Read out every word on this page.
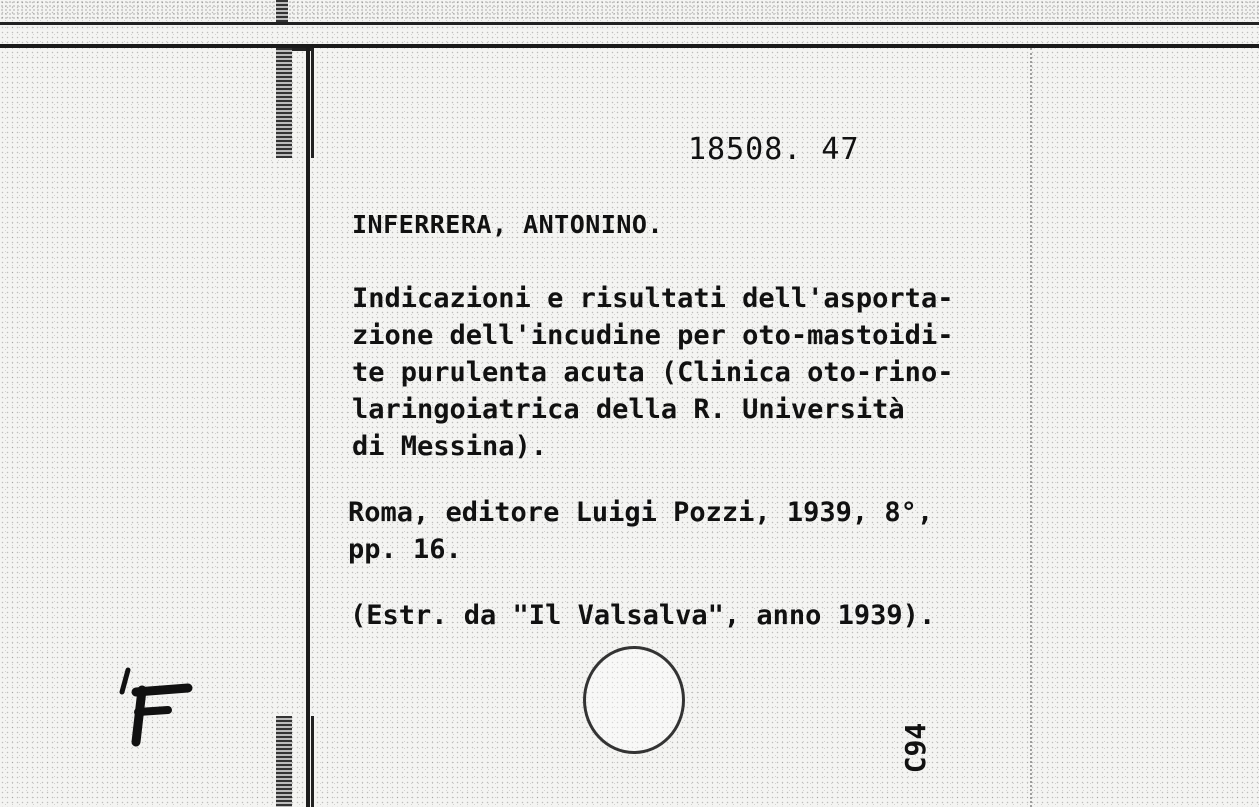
18508. 47
INFERRERA, ANTONINO.
Indicazioni e risultati dell'asporta-
zione dell'incudine per oto-mastoidi-
te purulenta acuta (Clinica oto-rino-
laringoiatrica della R. Università
di Messina).
Roma, editore Luigi Pozzi, 1939, 8°,
pp. 16.
(Estr. da "Il Valsalva", anno 1939).
C94
